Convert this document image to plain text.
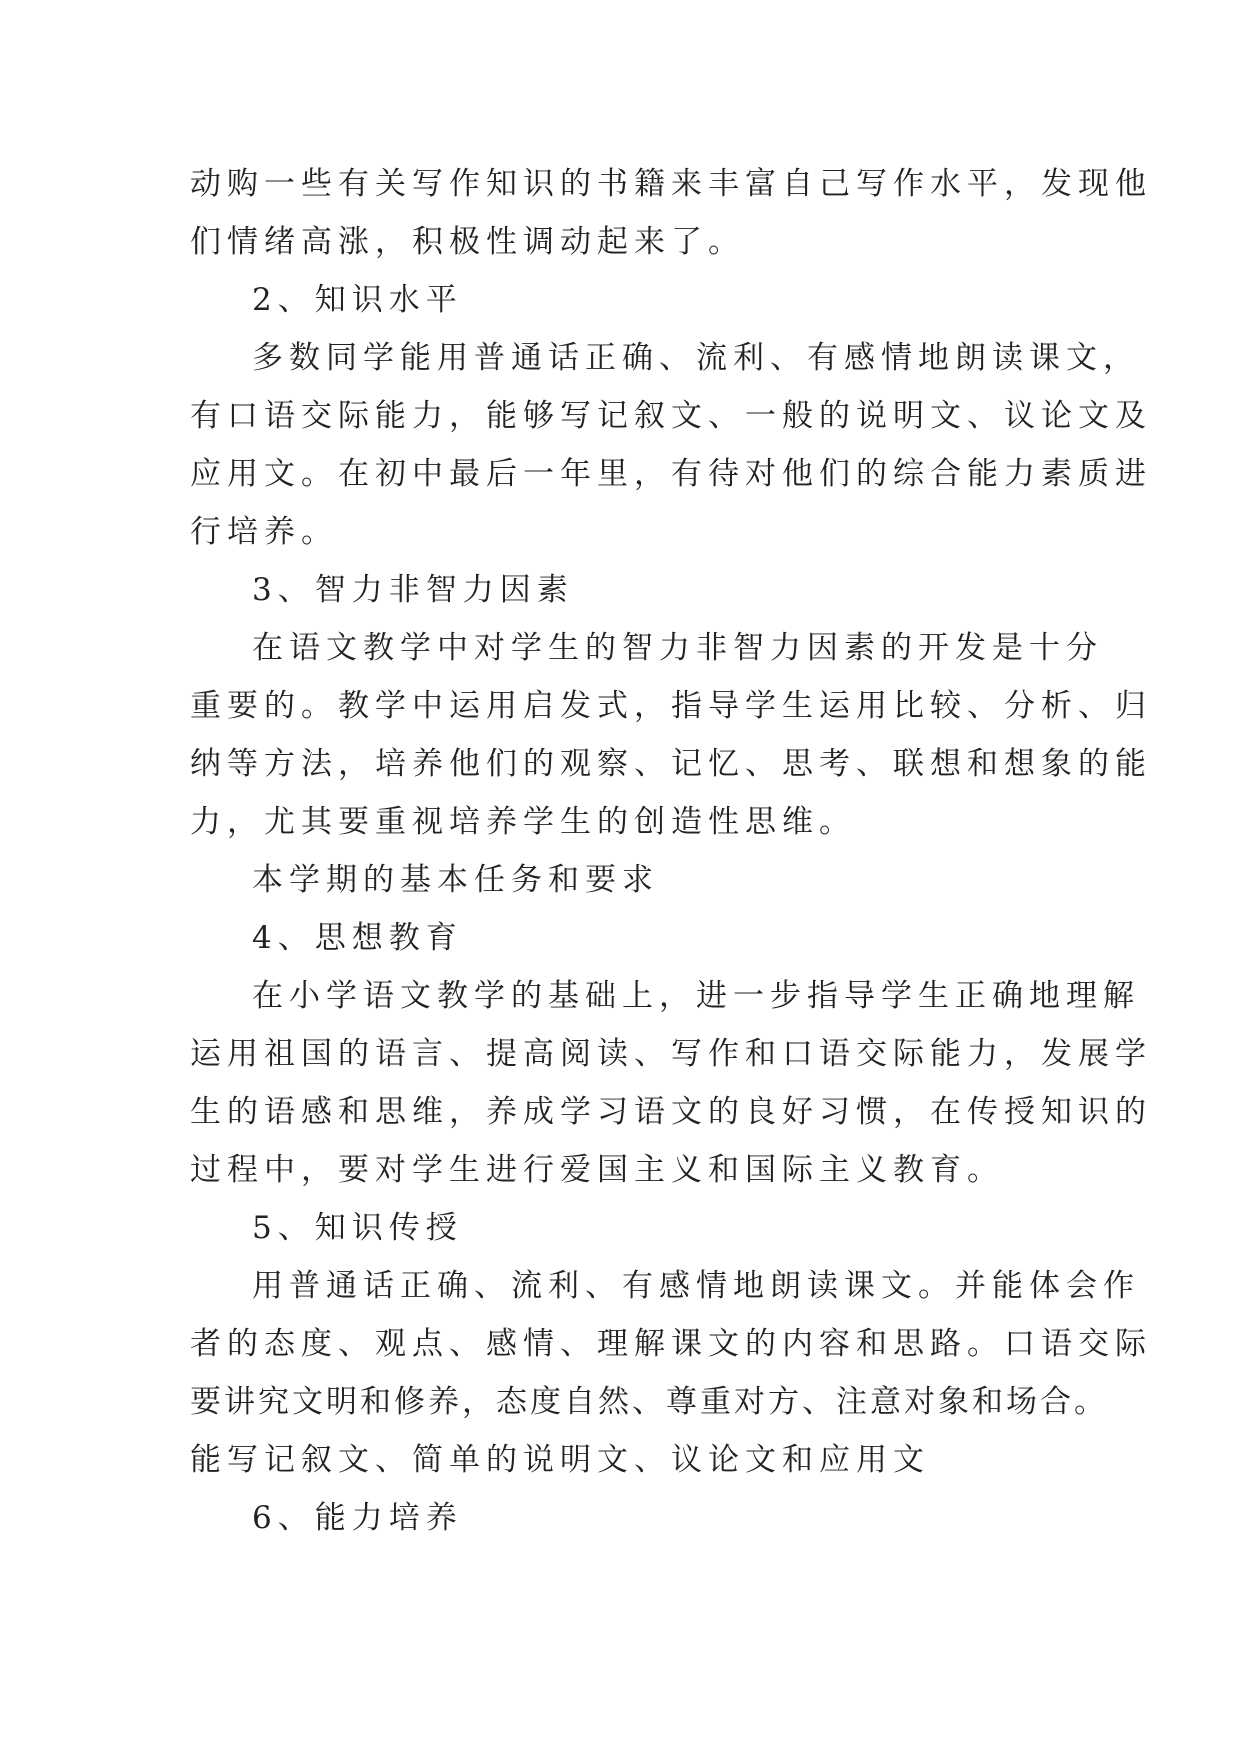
动购一些有关写作知识的书籍来丰富自己写作水平，发现他
们情绪高涨，积极性调动起来了。
2、知识水平
多数同学能用普通话正确、流利、有感情地朗读课文，
有口语交际能力，能够写记叙文、一般的说明文、议论文及
应用文。在初中最后一年里，有待对他们的综合能力素质进
行培养。
3、智力非智力因素
在语文教学中对学生的智力非智力因素的开发是十分
重要的。教学中运用启发式，指导学生运用比较、分析、归
纳等方法，培养他们的观察、记忆、思考、联想和想象的能
力，尤其要重视培养学生的创造性思维。
本学期的基本任务和要求
4、思想教育
在小学语文教学的基础上，进一步指导学生正确地理解
运用祖国的语言、提高阅读、写作和口语交际能力，发展学
生的语感和思维，养成学习语文的良好习惯，在传授知识的
过程中，要对学生进行爱国主义和国际主义教育。
5、知识传授
用普通话正确、流利、有感情地朗读课文。并能体会作
者的态度、观点、感情、理解课文的内容和思路。口语交际
要讲究文明和修养，态度自然、尊重对方、注意对象和场合。
能写记叙文、简单的说明文、议论文和应用文
6、能力培养
